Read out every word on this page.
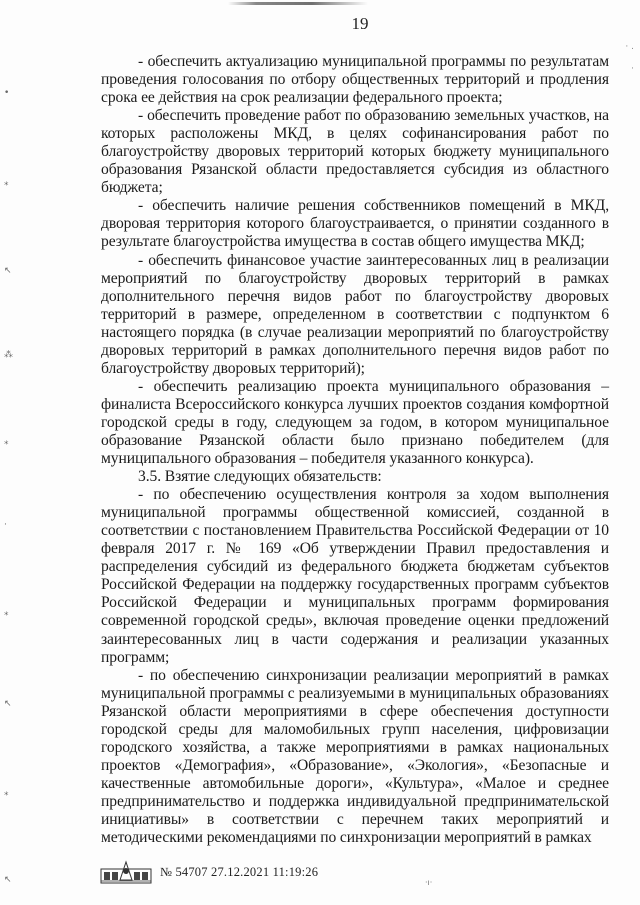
19

- обеспечить актуализацию муниципальной программы по результатам проведения голосования по отбору общественных территорий и продления срока ее действия на срок реализации федерального проекта;

- обеспечить проведение работ по образованию земельных участков, на которых расположены МКД, в целях софинансирования работ по благоустройству дворовых территорий которых бюджету муниципального образования Рязанской области предоставляется субсидия из областного бюджета;

- обеспечить наличие решения собственников помещений в МКД, дворовая территория которого благоустраивается, о принятии созданного в результате благоустройства имущества в состав общего имущества МКД;

- обеспечить финансовое участие заинтересованных лиц в реализации мероприятий по благоустройству дворовых территорий в рамках дополнительного перечня видов работ по благоустройству дворовых территорий в размере, определенном в соответствии с подпунктом 6 настоящего порядка (в случае реализации мероприятий по благоустройству дворовых территорий в рамках дополнительного перечня видов работ по благоустройству дворовых территорий);

- обеспечить реализацию проекта муниципального образования – финалиста Всероссийского конкурса лучших проектов создания комфортной городской среды в году, следующем за годом, в котором муниципальное образование Рязанской области было признано победителем (для муниципального образования – победителя указанного конкурса).

3.5. Взятие следующих обязательств:

- по обеспечению осуществления контроля за ходом выполнения муниципальной программы общественной комиссией, созданной в соответствии с постановлением Правительства Российской Федерации от 10 февраля 2017 г. № 169 «Об утверждении Правил предоставления и распределения субсидий из федерального бюджета бюджетам субъектов Российской Федерации на поддержку государственных программ субъектов Российской Федерации и муниципальных программ формирования современной городской среды», включая проведение оценки предложений заинтересованных лиц в части содержания и реализации указанных программ;

- по обеспечению синхронизации реализации мероприятий в рамках муниципальной программы с реализуемыми в муниципальных образованиях Рязанской области мероприятиями в сфере обеспечения доступности городской среды для маломобильных групп населения, цифровизации городского хозяйства, а также мероприятиями в рамках национальных проектов «Демография», «Образование», «Экология», «Безопасные и качественные автомобильные дороги», «Культура», «Малое и среднее предпринимательство и поддержка индивидуальной предпринимательской инициативы» в соответствии с перечнем таких мероприятий и методическими рекомендациями по синхронизации мероприятий в рамках

•
⁎
↖
⁂
⁎
·
⁎
↖
⁎
↖
· .
·
№ 54707 27.12.2021 11:19:26
·ı·
